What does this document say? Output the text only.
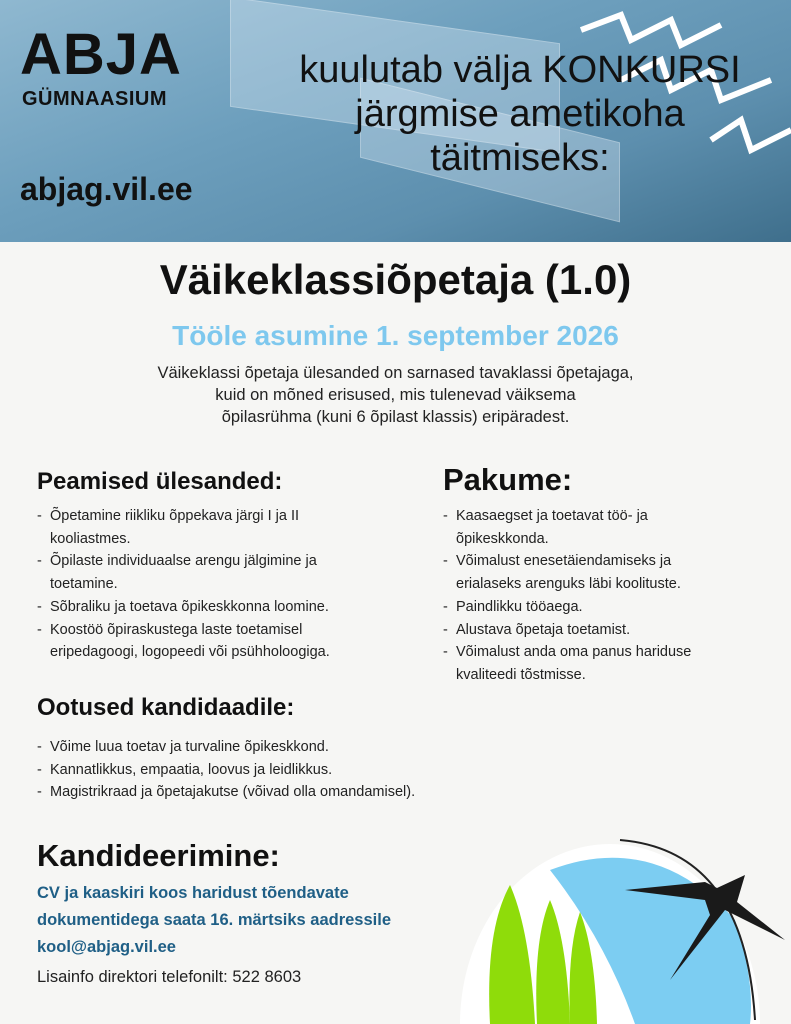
ABJA
GÜMNAASIUM
abjag.vil.ee
kuulutab välja KONKURSI
järgmise ametikoha
täitmiseks:
Väikeklassiõpetaja (1.0)
Tööle asumine 1. september 2026
Väikeklassi õpetaja ülesanded on sarnased tavaklassi õpetajaga,
kuid on mõned erisused, mis tulenevad väiksema
õpilasrühma (kuni 6 õpilast klassis) eripäradest.
Peamised ülesanded:
- Õpetamine riikliku õppekava järgi I ja II kooliastmes.
- Õpilaste individuaalse arengu jälgimine ja toetamine.
- Sõbraliku ja toetava õpikeskkonna loomine.
- Koostöö õpiraskustega laste toetamisel eripedagoogi, logopeedi või psühholoogiga.
Pakume:
- Kaasaegset ja toetavat töö- ja õpikeskkonda.
- Võimalust enesetäiendamiseks ja erialaseks arenguks läbi koolituste.
- Paindlikku tööaega.
- Alustava õpetaja toetamist.
- Võimalust anda oma panus hariduse kvaliteedi tõstmisse.
Ootused kandidaadile:
- Võime luua toetav ja turvaline õpikeskkond.
- Kannatlikkus, empaatia, loovus ja leidlikkus.
- Magistrikraad ja õpetajakutse (võivad olla omandamisel).
Kandideerimine:
CV ja kaaskiri koos haridust tõendavate
dokumentidega saata 16. märtsiks aadressile
kool@abjag.vil.ee
Lisainfo direktori telefonilt: 522 8603
